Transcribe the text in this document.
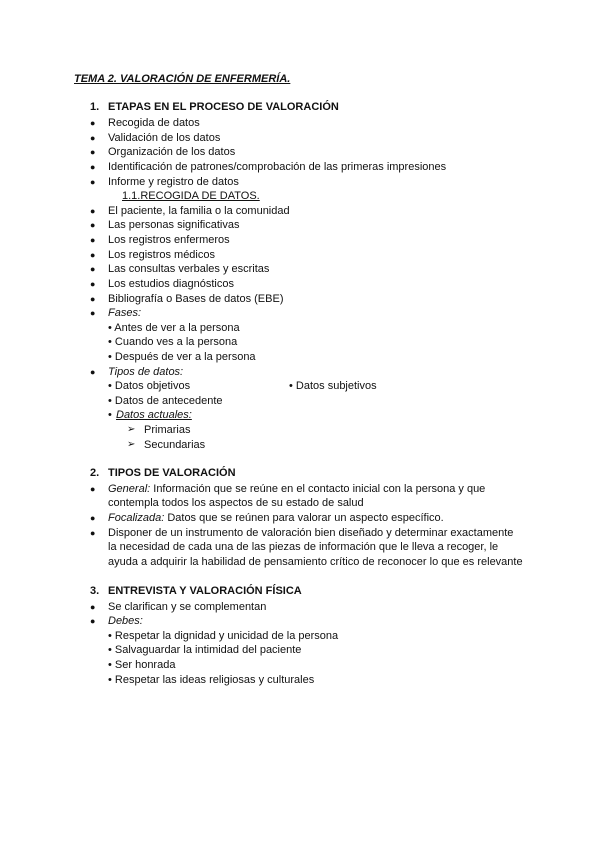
TEMA 2. VALORACIÓN DE ENFERMERÍA.
1. ETAPAS EN EL PROCESO DE VALORACIÓN
● Recogida de datos
● Validación de los datos
● Organización de los datos
● Identificación de patrones/comprobación de las primeras impresiones
● Informe y registro de datos
1.1.RECOGIDA DE DATOS.
● El paciente, la familia o la comunidad
● Las personas significativas
● Los registros enfermeros
● Los registros médicos
● Las consultas verbales y escritas
● Los estudios diagnósticos
● Bibliografía o Bases de datos (EBE)
● Fases:
• Antes de ver a la persona
• Cuando ves a la persona
• Después de ver a la persona
● Tipos de datos:
• Datos objetivos	• Datos subjetivos
• Datos de antecedente
• Datos actuales:
➢ Primarias
➢ Secundarias
2. TIPOS DE VALORACIÓN
● General: Información que se reúne en el contacto inicial con la persona y que
contempla todos los aspectos de su estado de salud
● Focalizada: Datos que se reúnen para valorar un aspecto específico.
● Disponer de un instrumento de valoración bien diseñado y determinar exactamente
la necesidad de cada una de las piezas de información que le lleva a recoger, le
ayuda a adquirir la habilidad de pensamiento crítico de reconocer lo que es relevante
3. ENTREVISTA Y VALORACIÓN FÍSICA
● Se clarifican y se complementan
● Debes:
• Respetar la dignidad y unicidad de la persona
• Salvaguardar la intimidad del paciente
• Ser honrada
• Respetar las ideas religiosas y culturales
